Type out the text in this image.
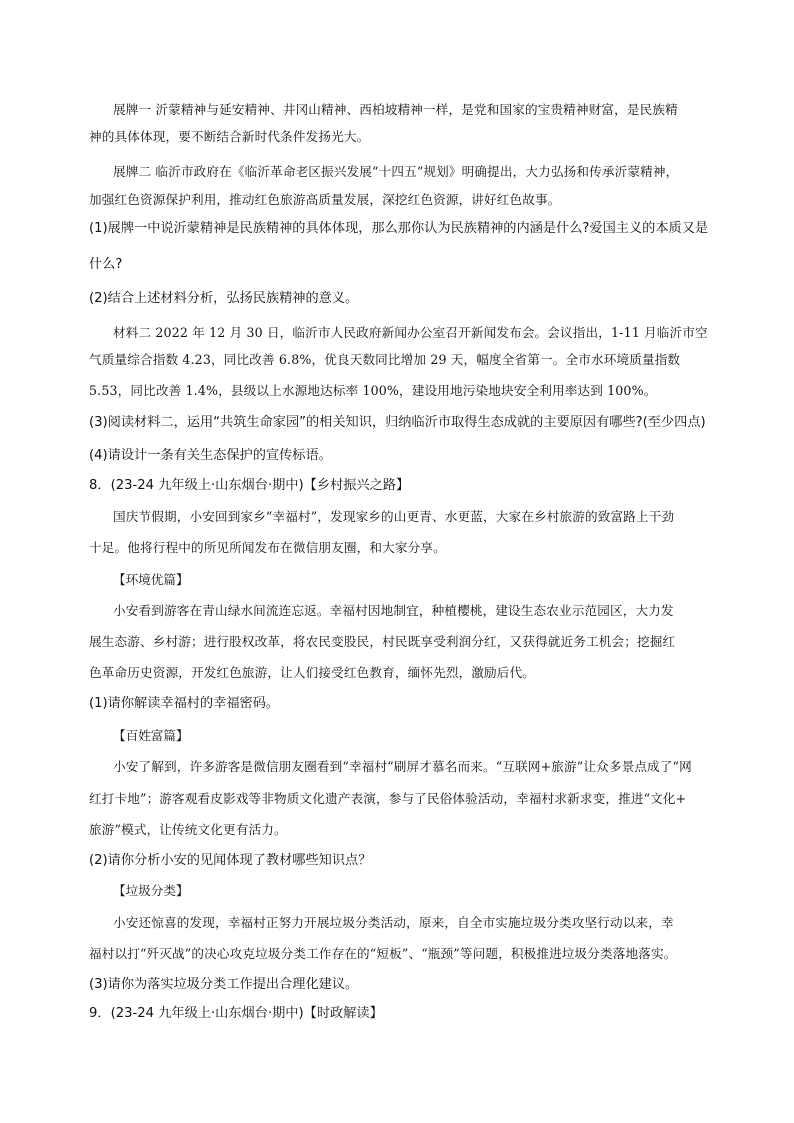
展牌一 沂蒙精神与延安精神、井冈山精神、西柏坡精神一样，是党和国家的宝贵精神财富，是民族精
神的具体体现，要不断结合新时代条件发扬光大。
展牌二 临沂市政府在《临沂革命老区振兴发展“十四五”规划》明确提出，大力弘扬和传承沂蒙精神，
加强红色资源保护利用，推动红色旅游高质量发展，深挖红色资源，讲好红色故事。
(1)展牌一中说沂蒙精神是民族精神的具体体现，那么那你认为民族精神的内涵是什么?爱国主义的本质又是
什么?
(2)结合上述材料分析，弘扬民族精神的意义。
材料二 2022 年 12 月 30 日，临沂市人民政府新闻办公室召开新闻发布会。会议指出，1-11 月临沂市空
气质量综合指数 4.23，同比改善 6.8%，优良天数同比增加 29 天，幅度全省第一。全市水环境质量指数
5.53，同比改善 1.4%，县级以上水源地达标率 100%，建设用地污染地块安全利用率达到 100%。
(3)阅读材料二，运用“共筑生命家园”的相关知识，归纳临沂市取得生态成就的主要原因有哪些?(至少四点)
(4)请设计一条有关生态保护的宣传标语。
8．(23-24 九年级上·山东烟台·期中)【乡村振兴之路】
国庆节假期，小安回到家乡“幸福村”，发现家乡的山更青、水更蓝，大家在乡村旅游的致富路上干劲
十足。他将行程中的所见所闻发布在微信朋友圈，和大家分享。
【环境优篇】
小安看到游客在青山绿水间流连忘返。幸福村因地制宜，种植樱桃，建设生态农业示范园区，大力发
展生态游、乡村游；进行股权改革，将农民变股民，村民既享受利润分红，又获得就近务工机会；挖掘红
色革命历史资源，开发红色旅游，让人们接受红色教育，缅怀先烈，激励后代。
(1)请你解读幸福村的幸福密码。
【百姓富篇】
小安了解到，许多游客是微信朋友圈看到“幸福村”刷屏才慕名而来。“互联网+旅游”让众多景点成了“网
红打卡地”；游客观看皮影戏等非物质文化遗产表演，参与了民俗体验活动，幸福村求新求变，推进“文化+
旅游”模式，让传统文化更有活力。
(2)请你分析小安的见闻体现了教材哪些知识点？
【垃圾分类】
小安还惊喜的发现，幸福村正努力开展垃圾分类活动，原来，自全市实施垃圾分类攻坚行动以来，幸
福村以打“歼灭战”的决心攻克垃圾分类工作存在的“短板”、“瓶颈”等问题，积极推进垃圾分类落地落实。
(3)请你为落实垃圾分类工作提出合理化建议。
9．(23-24 九年级上·山东烟台·期中)【时政解读】
